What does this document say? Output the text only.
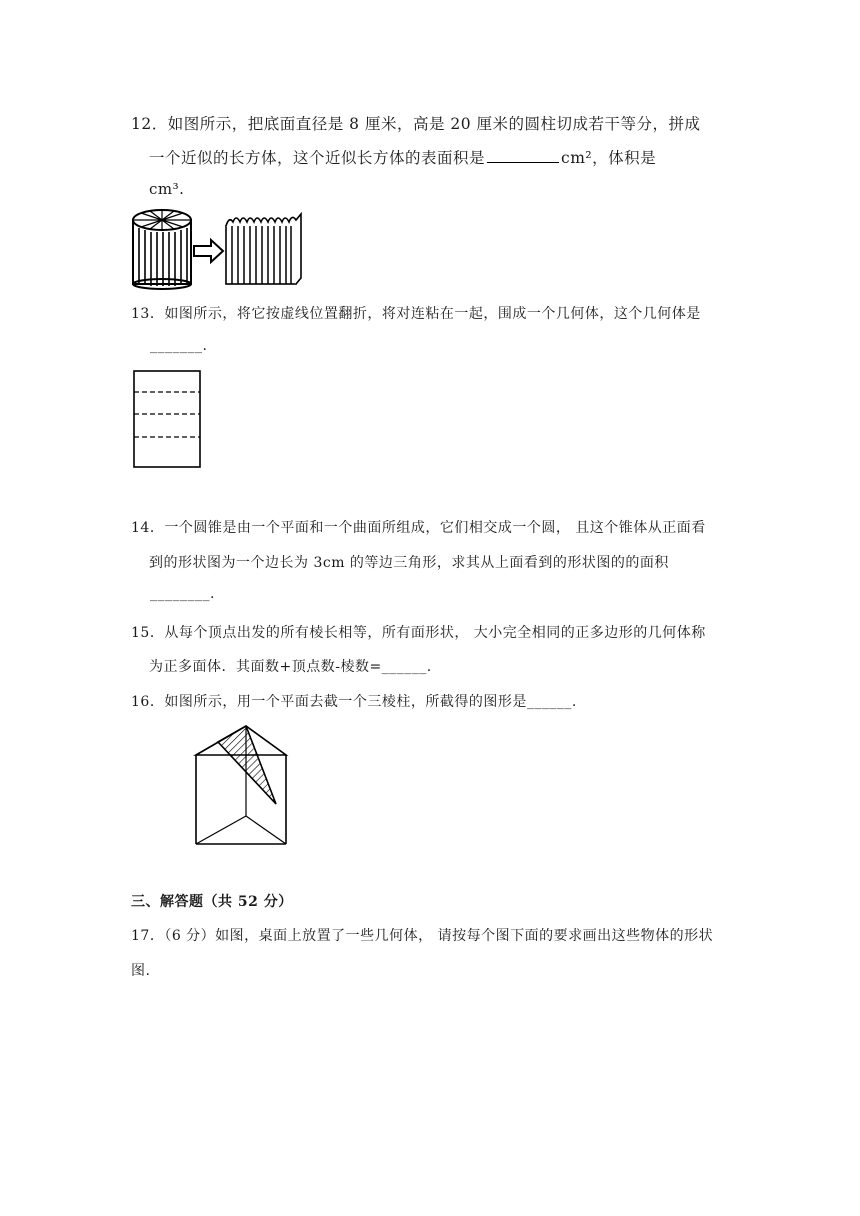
12．如图所示，把底面直径是 8 厘米，高是 20 厘米的圆柱切成若干等分，拼成
一个近似的长方体，这个近似长方体的表面积是	cm²，体积是
cm³.
13．如图所示，将它按虚线位置翻折，将对连粘在一起，围成一个几何体，这个几何体是
_______.
14．一个圆锥是由一个平面和一个曲面所组成，它们相交成一个圆， 且这个锥体从正面看
到的形状图为一个边长为 3cm 的等边三角形，求其从上面看到的形状图的的面积
________.
15．从每个顶点出发的所有棱长相等，所有面形状， 大小完全相同的正多边形的几何体称
为正多面体．其面数+顶点数-棱数=______.
16．如图所示，用一个平面去截一个三棱柱，所截得的图形是______.
三、解答题（共 52 分）
17．（6 分）如图，桌面上放置了一些几何体， 请按每个图下面的要求画出这些物体的形状
图.
